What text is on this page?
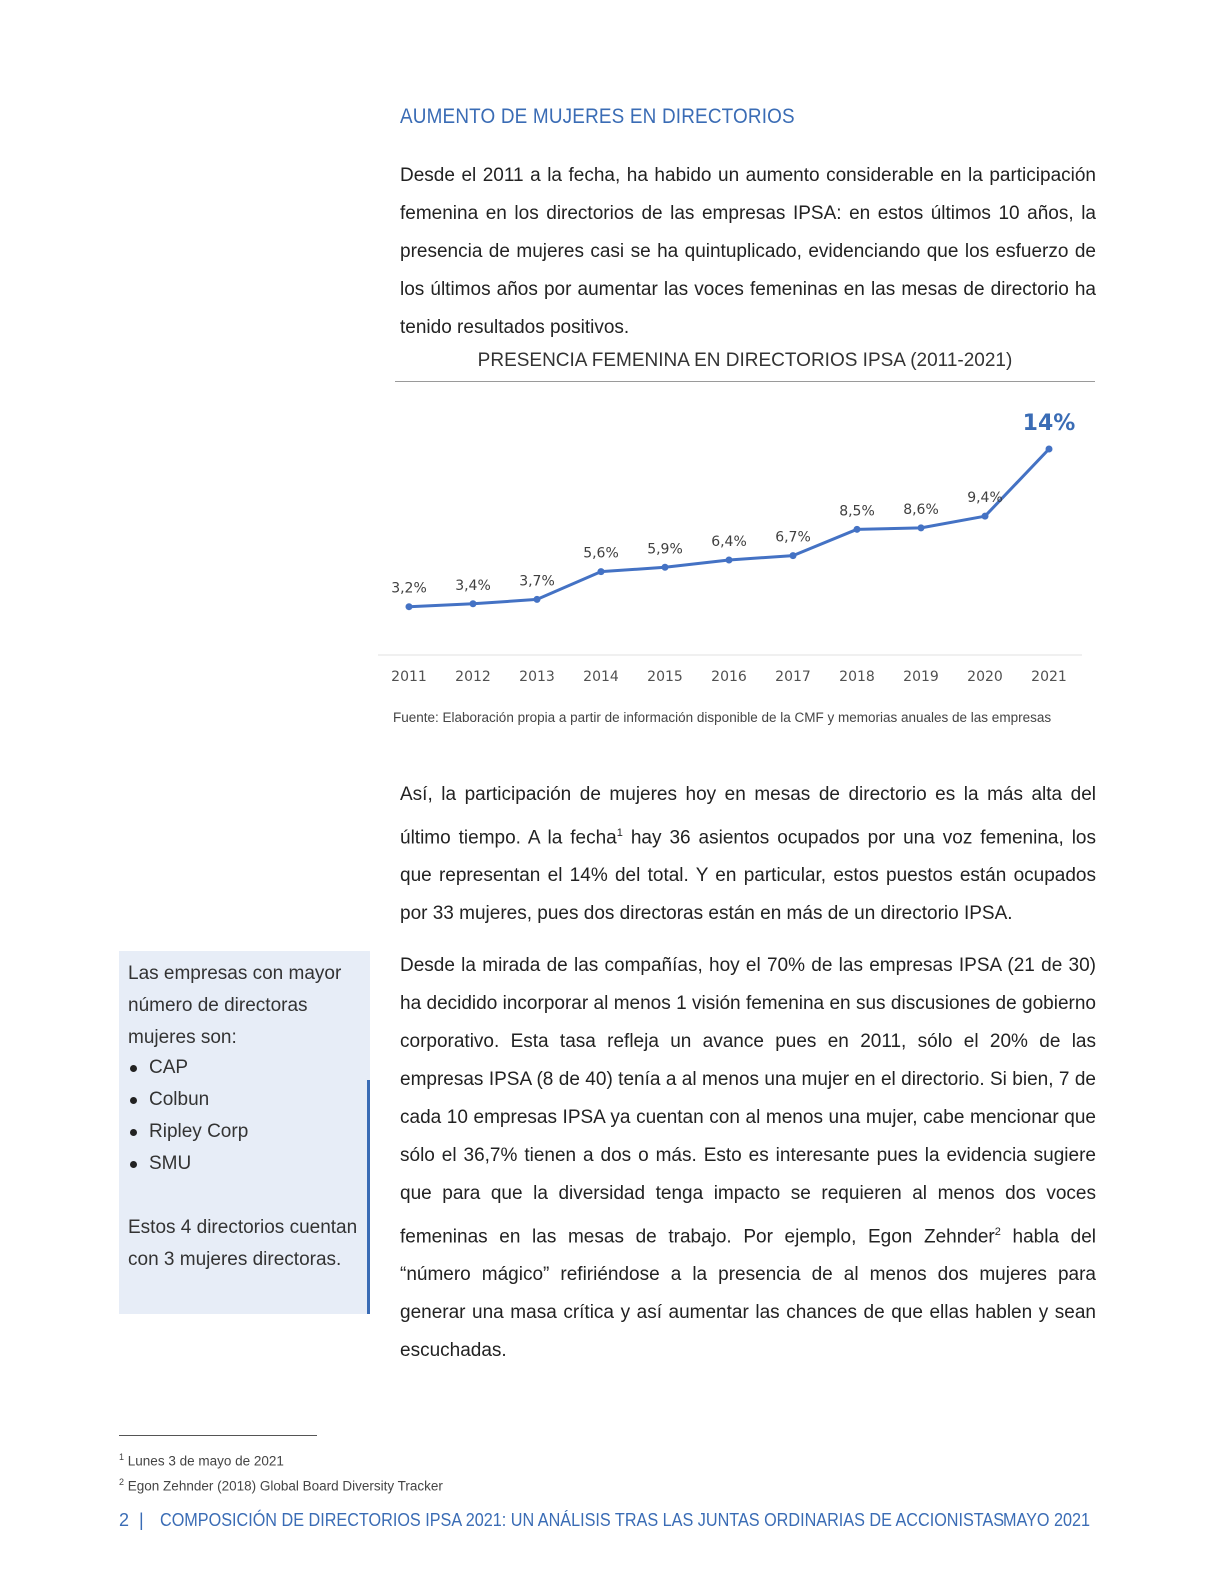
AUMENTO DE MUJERES EN DIRECTORIOS
Desde el 2011 a la fecha, ha habido un aumento considerable en la participación femenina en los directorios de las empresas IPSA: en estos últimos 10 años, la presencia de mujeres casi se ha quintuplicado, evidenciando que los esfuerzo de los últimos años por aumentar las voces femeninas en las mesas de directorio ha tenido resultados positivos.
PRESENCIA FEMENINA EN DIRECTORIOS IPSA (2011-2021)
3,2% 3,4% 3,7%
5,6% 5,9% 6,4% 6,7%
8,5% 8,6%
9,4%
14%
2011 2012 2013 2014 2015 2016 2017 2018 2019 2020 2021
Fuente: Elaboración propia a partir de información disponible de la CMF y memorias anuales de las empresas
Así, la participación de mujeres hoy en mesas de directorio es la más alta del último tiempo. A la fecha$^1$ hay 36 asientos ocupados por una voz femenina, los que representan el 14% del total. Y en particular, estos puestos están ocupados por 33 mujeres, pues dos directoras están en más de un directorio IPSA.
Desde la mirada de las compañías, hoy el 70% de las empresas IPSA (21 de 30) ha decidido incorporar al menos 1 visión femenina en sus discusiones de gobierno corporativo. Esta tasa refleja un avance pues en 2011, sólo el 20% de las empresas IPSA (8 de 40) tenía a al menos una mujer en el directorio. Si bien, 7 de cada 10 empresas IPSA ya cuentan con al menos una mujer, cabe mencionar que sólo el 36,7% tienen a dos o más. Esto es interesante pues la evidencia sugiere que para que la diversidad tenga impacto se requieren al menos dos voces femeninas en las mesas de trabajo. Por ejemplo, Egon Zehnder$^2$ habla del “número mágico” refiriéndose a la presencia de al menos dos mujeres para generar una masa crítica y así aumentar las chances de que ellas hablen y sean escuchadas.
Las empresas con mayor número de directoras mujeres son:
CAP
Colbun
Ripley Corp
SMU
Estos 4 directorios cuentan con 3 mujeres directoras.
$^1$ Lunes 3 de mayo de 2021
$^2$ Egon Zehnder (2018) Global Board Diversity Tracker
2 | COMPOSICIÓN DE DIRECTORIOS IPSA 2021: UN ANÁLISIS TRAS LAS JUNTAS ORDINARIAS DE ACCIONISTAS
MAYO 2021
